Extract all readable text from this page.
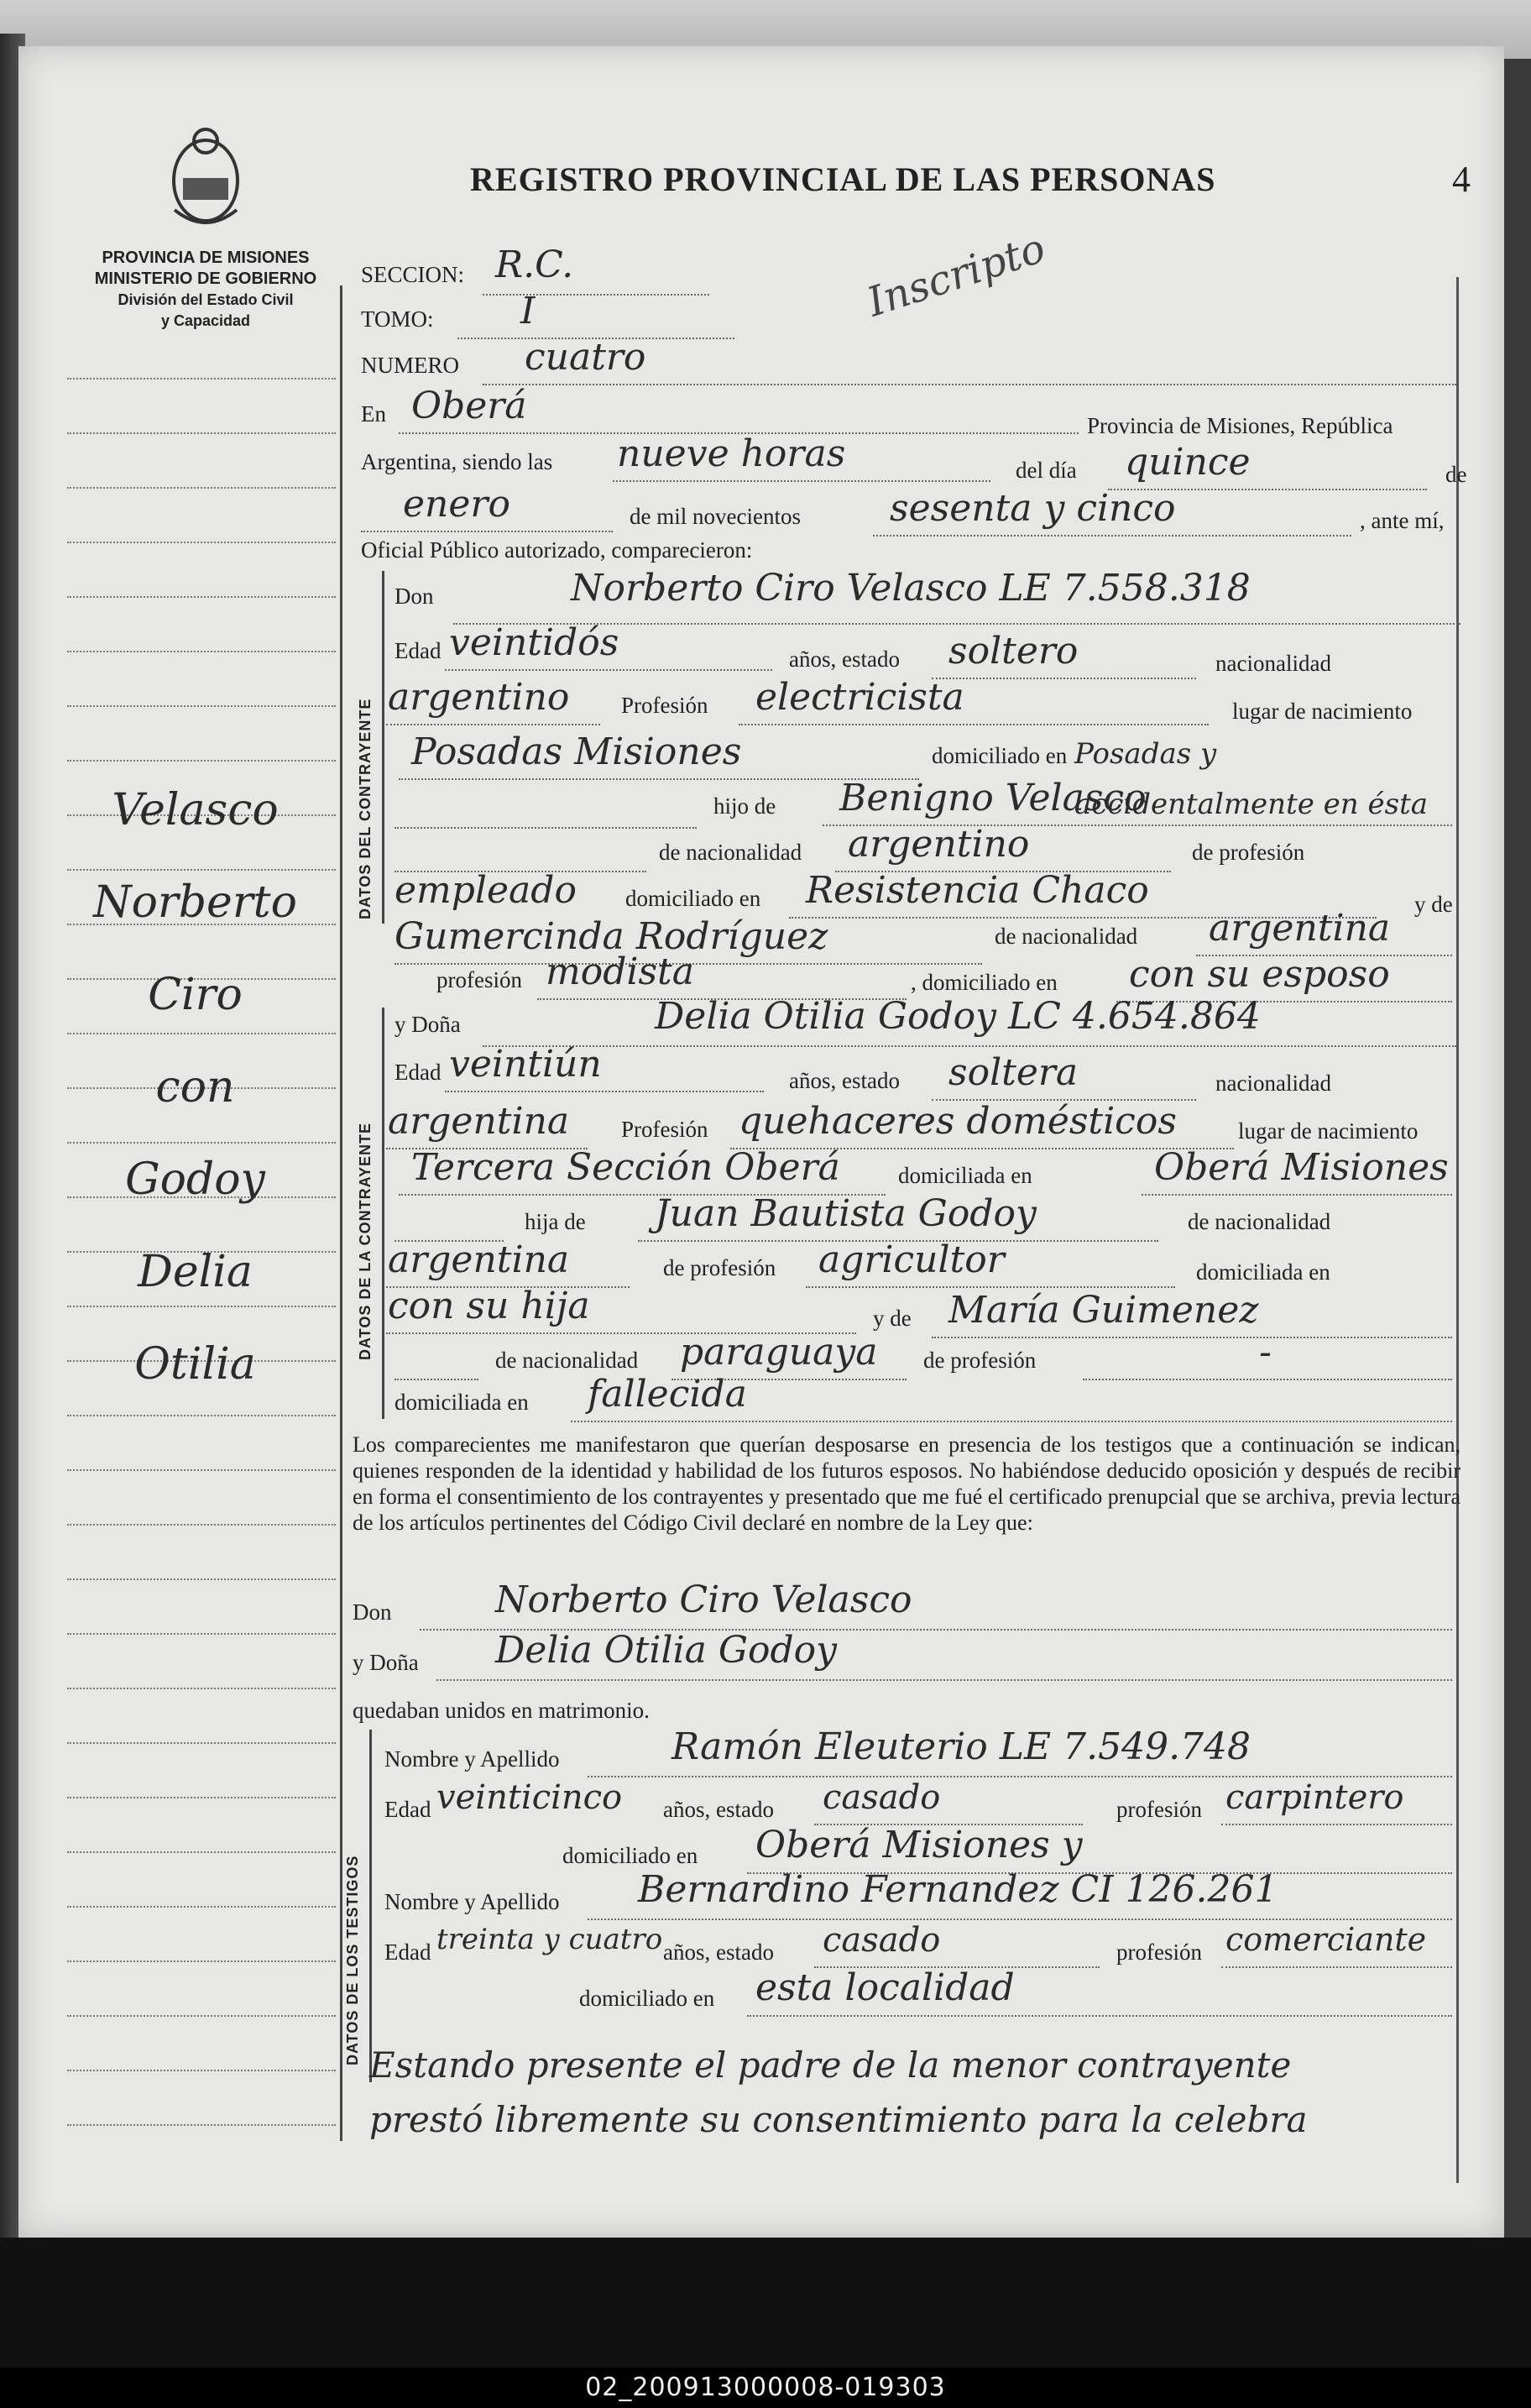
REGISTRO PROVINCIAL DE LAS PERSONAS	4
Inscripto
PROVINCIA DE MISIONES
MINISTERIO DE GOBIERNO
División del Estado Civil
y Capacidad
Velasco
Norberto
Ciro
con
Godoy
Delia
Otilia
SECCION: R.C.
TOMO: I
NUMERO cuatro
En Oberá	Provincia de Misiones, República
Argentina, siendo las nueve horas	del día quince	de
enero	de mil novecientos sesenta y cinco	, ante mí,
Oficial Público autorizado, comparecieron:
DATOS DEL CONTRAYENTE
Don	Norberto Ciro Velasco LE 7.558.318
Edad veintidós	años, estado soltero	nacionalidad
argentino Profesión electricista	lugar de nacimiento
Posadas Misiones	domiciliado en Posadas y accidentalmente en ésta
hijo de Benigno Velasco
de nacionalidad argentino	de profesión
empleado domiciliado en Resistencia Chaco	y de
Gumercinda Rodríguez	de nacionalidad argentina
profesión modista	, domiciliado en con su esposo
DATOS DE LA CONTRAYENTE
y Doña	Delia Otilia Godoy LC 4.654.864
Edad veintiún	años, estado soltera	nacionalidad
argentina Profesión quehaceres domésticos	lugar de nacimiento
Tercera Sección Oberá	domiciliada en	Oberá Misiones
hija de Juan Bautista Godoy	de nacionalidad
argentina	de profesión agricultor	domiciliada en
con su hija	y de María Guimenez
de nacionalidad paraguaya de profesión	-
domiciliada en fallecida
Los comparecientes me manifestaron que querían desposarse en presencia de los testigos que a continuación se indican, quienes responden de la identidad y habilidad de los futuros esposos. No habiéndose deducido oposición y después de recibir en forma el consentimiento de los contrayentes y presentado que me fué el certificado prenupcial que se archiva, previa lectura de los artículos pertinentes del Código Civil declaré en nombre de la Ley que:
Don	Norberto Ciro Velasco
y Doña Delia Otilia Godoy
quedaban unidos en matrimonio.
DATOS DE LOS TESTIGOS
Nombre y Apellido	Ramón Eleuterio LE 7.549.748
Edad veinticinco años, estado casado	profesión carpintero
domiciliado en Oberá Misiones y
Nombre y Apellido Bernardino Fernandez CI 126.261
Edad treinta y cuatro años, estado casado	profesión comerciante
domiciliado en esta localidad
Estando presente el padre de la menor contrayente
prestó libremente su consentimiento para la celebra
02_200913000008-019303
